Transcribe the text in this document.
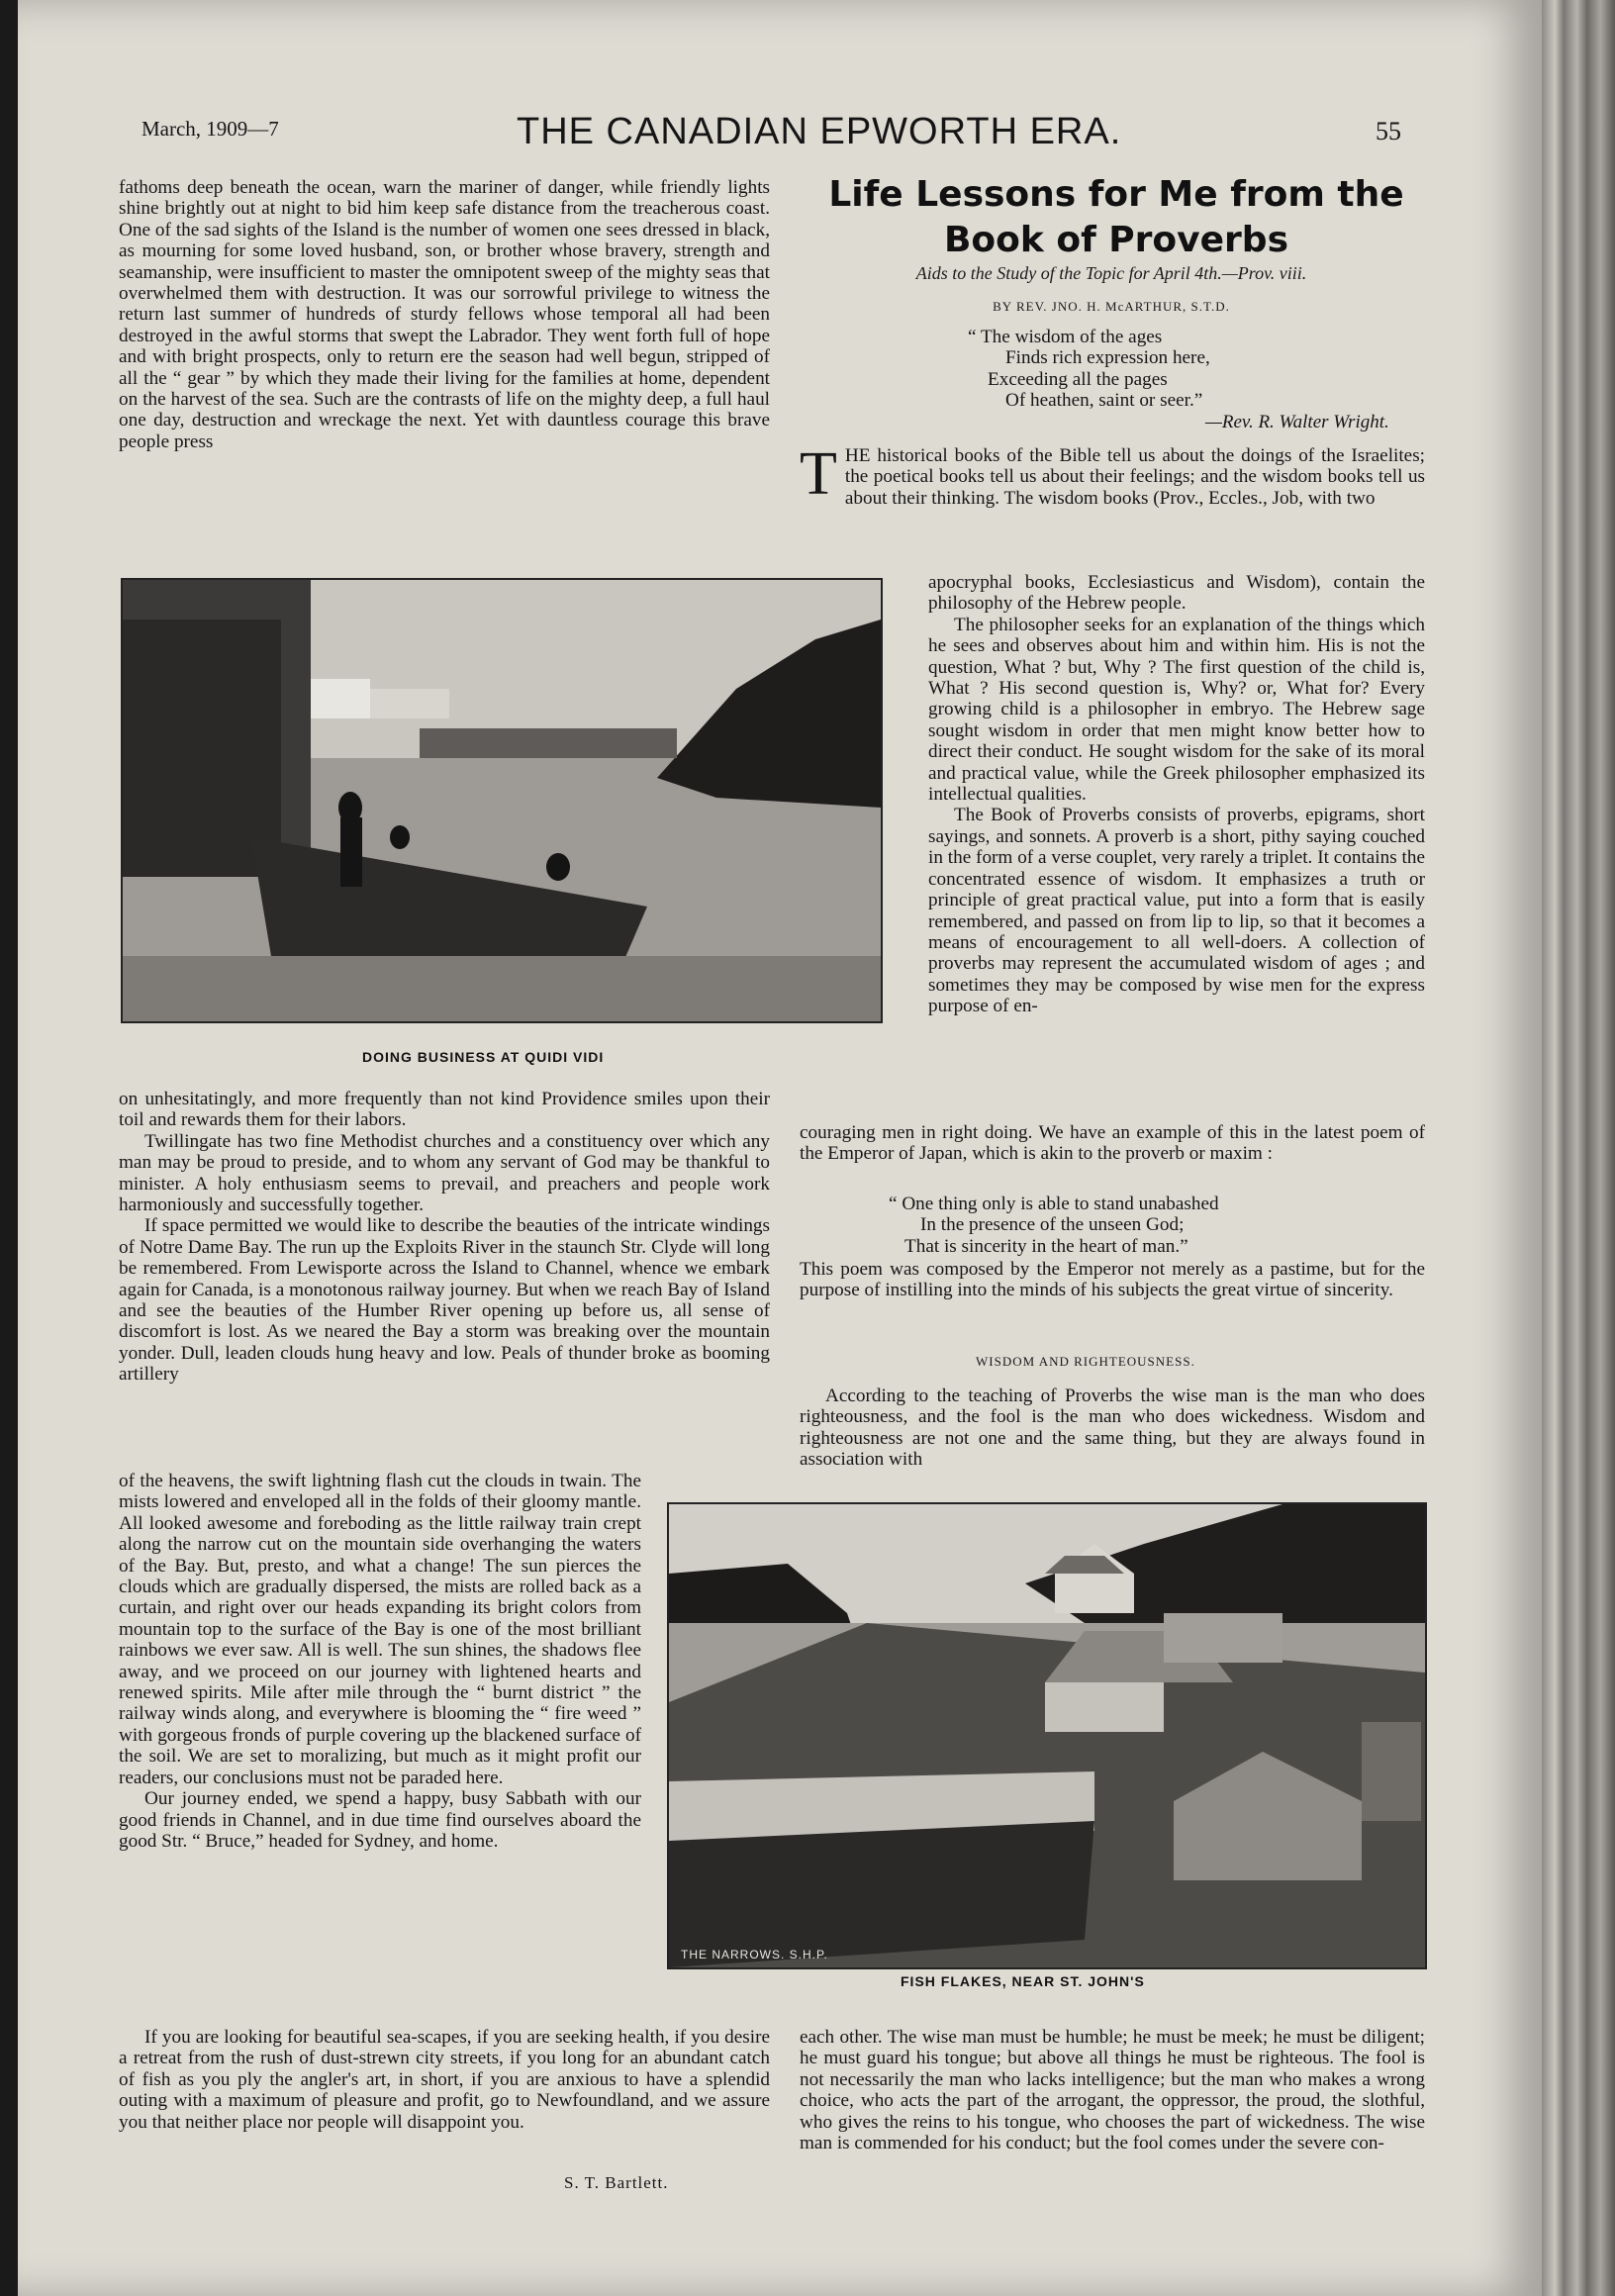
March, 1909—7	THE CANADIAN EPWORTH ERA.	55

fathoms deep beneath the ocean, warn the mariner of danger, while friendly lights shine brightly out at night to bid him keep safe distance from the treacherous coast. One of the sad sights of the Island is the number of women one sees dressed in black, as mourning for some loved husband, son, or brother whose bravery, strength and seamanship, were insufficient to master the omnipotent sweep of the mighty seas that overwhelmed them with destruction. It was our sorrowful privilege to witness the return last summer of hundreds of sturdy fellows whose temporal all had been destroyed in the awful storms that swept the Labrador. They went forth full of hope and with bright prospects, only to return ere the season had well begun, stripped of all the “ gear ” by which they made their living for the families at home, dependent on the harvest of the sea. Such are the contrasts of life on the mighty deep, a full haul one day, destruction and wreckage the next. Yet with dauntless courage this brave people press

DOING BUSINESS AT QUIDI VIDI

on unhesitatingly, and more frequently than not kind Providence smiles upon their toil and rewards them for their labors.

Twillingate has two fine Methodist churches and a constituency over which any man may be proud to preside, and to whom any servant of God may be thankful to minister. A holy enthusiasm seems to prevail, and preachers and people work harmoniously and successfully together.

If space permitted we would like to describe the beauties of the intricate windings of Notre Dame Bay. The run up the Exploits River in the staunch Str. Clyde will long be remembered. From Lewisporte across the Island to Channel, whence we embark again for Canada, is a monotonous railway journey. But when we reach Bay of Island and see the beauties of the Humber River opening up before us, all sense of discomfort is lost. As we neared the Bay a storm was breaking over the mountain yonder. Dull, leaden clouds hung heavy and low. Peals of thunder broke as booming artillery

of the heavens, the swift lightning flash cut the clouds in twain. The mists lowered and enveloped all in the folds of their gloomy mantle. All looked awesome and foreboding as the little railway train crept along the narrow cut on the mountain side overhanging the waters of the Bay. But, presto, and what a change! The sun pierces the clouds which are gradually dispersed, the mists are rolled back as a curtain, and right over our heads expanding its bright colors from mountain top to the surface of the Bay is one of the most brilliant rainbows we ever saw. All is well. The sun shines, the shadows flee away, and we proceed on our journey with lightened hearts and renewed spirits. Mile after mile through the “ burnt district ” the railway winds along, and everywhere is blooming the “ fire weed ” with gorgeous fronds of purple covering up the blackened surface of the soil. We are set to moralizing, but much as it might profit our readers, our conclusions must not be paraded here.

Our journey ended, we spend a happy, busy Sabbath with our good friends in Channel, and in due time find ourselves aboard the good Str. “ Bruce,” headed for Sydney, and home.

If you are looking for beautiful sea-scapes, if you are seeking health, if you desire a retreat from the rush of dust-strewn city streets, if you long for an abundant catch of fish as you ply the angler's art, in short, if you are anxious to have a splendid outing with a maximum of pleasure and profit, go to Newfoundland, and we assure you that neither place nor people will disappoint you.

S. T. Bartlett.
Life Lessons for Me from the
Book of Proverbs
Aids to the Study of the Topic for April 4th.—Prov. viii.
BY REV. JNO. H. McARTHUR, S.T.D.
“ The wisdom of the ages
Finds rich expression here,
Exceeding all the pages
Of heathen, saint or seer.”
—Rev. R. Walter Wright.
T HE historical books of the Bible tell us about the doings of the Israelites; the poetical books tell us about their feelings; and the wisdom books tell us about their thinking. The wisdom books (Prov., Eccles., Job, with two

apocryphal books, Ecclesiasticus and Wisdom), contain the philosophy of the Hebrew people.

The philosopher seeks for an explanation of the things which he sees and observes about him and within him. His is not the question, What ? but, Why ? The first question of the child is, What ? His second question is, Why? or, What for? Every growing child is a philosopher in embryo. The Hebrew sage sought wisdom in order that men might know better how to direct their conduct. He sought wisdom for the sake of its moral and practical value, while the Greek philosopher emphasized its intellectual qualities.

The Book of Proverbs consists of proverbs, epigrams, short sayings, and sonnets. A proverb is a short, pithy saying couched in the form of a verse couplet, very rarely a triplet. It contains the concentrated essence of wisdom. It emphasizes a truth or principle of great practical value, put into a form that is easily remembered, and passed on from lip to lip, so that it becomes a means of encouragement to all well-doers. A collection of proverbs may represent the accumulated wisdom of ages ; and sometimes they may be composed by wise men for the express purpose of en-

couraging men in right doing. We have an example of this in the latest poem of the Emperor of Japan, which is akin to the proverb or maxim :

“ One thing only is able to stand unabashed
In the presence of the unseen God;
That is sincerity in the heart of man.”

This poem was composed by the Emperor not merely as a pastime, but for the purpose of instilling into the minds of his subjects the great virtue of sincerity.

WISDOM AND RIGHTEOUSNESS.

According to the teaching of Proverbs the wise man is the man who does righteousness, and the fool is the man who does wickedness. Wisdom and righteousness are not one and the same thing, but they are always found in association with

THE NARROWS. S.H.P.
FISH FLAKES, NEAR ST. JOHN'S

each other. The wise man must be humble; he must be meek; he must be diligent; he must guard his tongue; but above all things he must be righteous. The fool is not necessarily the man who lacks intelligence; but the man who makes a wrong choice, who acts the part of the arrogant, the oppressor, the proud, the slothful, who gives the reins to his tongue, who chooses the part of wickedness. The wise man is commended for his conduct; but the fool comes under the severe con-
